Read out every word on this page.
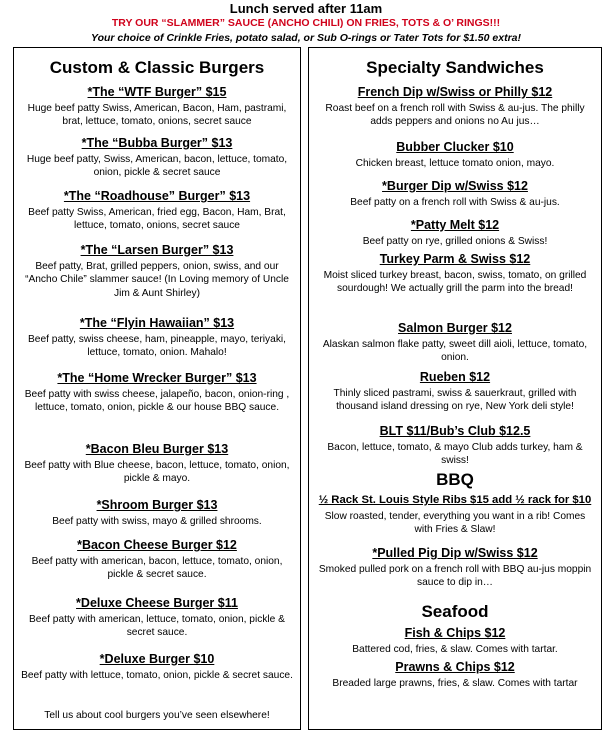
Lunch served after 11am
TRY OUR “SLAMMER” SAUCE (ANCHO CHILI) ON FRIES, TOTS & O’ RINGS!!!
Your choice of Crinkle Fries, potato salad, or Sub O-rings or Tater Tots for $1.50 extra!
Custom & Classic Burgers
*The “WTF Burger” $15
Huge beef patty Swiss, American, Bacon, Ham, pastrami, brat, lettuce, tomato, onions, secret sauce
*The “Bubba Burger” $13
Huge beef patty, Swiss, American, bacon, lettuce, tomato, onion, pickle & secret sauce
*The “Roadhouse” Burger” $13
Beef patty Swiss, American, fried egg, Bacon, Ham, Brat, lettuce, tomato, onions, secret sauce
*The “Larsen Burger” $13
Beef patty, Brat, grilled peppers, onion, swiss, and our “Ancho Chile” slammer sauce! (In Loving memory of Uncle Jim & Aunt Shirley)
*The “Flyin Hawaiian” $13
Beef patty, swiss cheese, ham, pineapple, mayo, teriyaki, lettuce, tomato, onion. Mahalo!
*The “Home Wrecker Burger” $13
Beef patty with swiss cheese, jalapeño, bacon, onion-ring , lettuce, tomato, onion, pickle & our house BBQ sauce.
*Bacon Bleu Burger $13
Beef patty with Blue cheese, bacon, lettuce, tomato, onion, pickle & mayo.
*Shroom Burger $13
Beef patty with swiss, mayo & grilled shrooms.
*Bacon Cheese Burger $12
Beef patty with american, bacon, lettuce, tomato, onion, pickle & secret sauce.
*Deluxe Cheese Burger $11
Beef patty with american, lettuce, tomato, onion, pickle & secret sauce.
*Deluxe Burger $10
Beef patty with lettuce, tomato, onion, pickle & secret sauce.
Tell us about cool burgers you’ve seen elsewhere!
Specialty Sandwiches
French Dip w/Swiss or Philly $12
Roast beef on a french roll with Swiss & au-jus. The philly adds peppers and onions no Au jus…
Bubber Clucker $10
Chicken breast, lettuce tomato onion, mayo.
*Burger Dip w/Swiss $12
Beef patty on a french roll with Swiss & au-jus.
*Patty Melt $12
Beef patty on rye, grilled onions & Swiss!
Turkey Parm & Swiss $12
Moist sliced turkey breast, bacon, swiss, tomato, on grilled sourdough! We actually grill the parm into the bread!
Salmon Burger $12
Alaskan salmon flake patty, sweet dill aioli, lettuce, tomato, onion.
Rueben $12
Thinly sliced pastrami, swiss & sauerkraut, grilled with thousand island dressing on rye, New York deli style!
BLT $11/Bub’s Club $12.5
Bacon, lettuce, tomato, & mayo Club adds turkey, ham & swiss!
BBQ
½ Rack St. Louis Style Ribs $15 add ½ rack for $10
Slow roasted, tender, everything you want in a rib! Comes with Fries & Slaw!
*Pulled Pig Dip w/Swiss $12
Smoked pulled pork on a french roll with BBQ au-jus moppin sauce to dip in…
Seafood
Fish & Chips $12
Battered cod, fries, & slaw. Comes with tartar.
Prawns & Chips $12
Breaded large prawns, fries, & slaw. Comes with tartar
